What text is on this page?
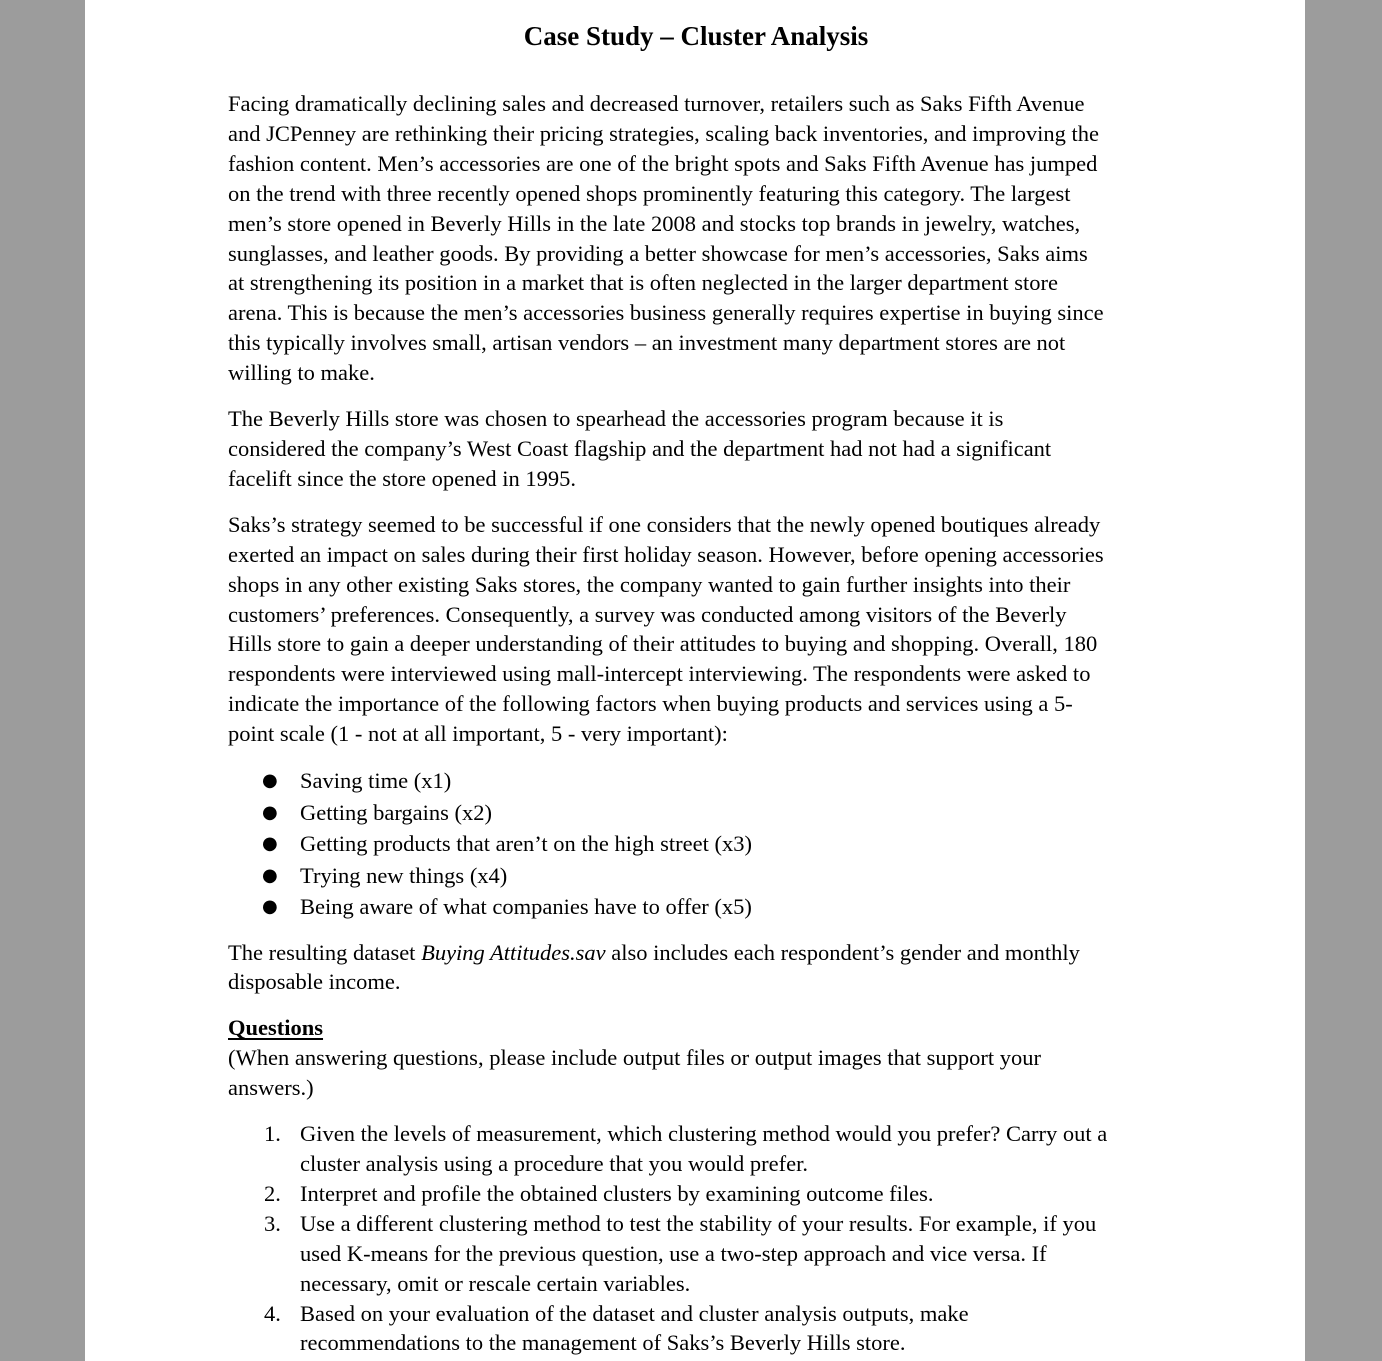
Case Study – Cluster Analysis
Facing dramatically declining sales and decreased turnover, retailers such as Saks Fifth Avenue
and JCPenney are rethinking their pricing strategies, scaling back inventories, and improving the
fashion content. Men’s accessories are one of the bright spots and Saks Fifth Avenue has jumped
on the trend with three recently opened shops prominently featuring this category. The largest
men’s store opened in Beverly Hills in the late 2008 and stocks top brands in jewelry, watches,
sunglasses, and leather goods. By providing a better showcase for men’s accessories, Saks aims
at strengthening its position in a market that is often neglected in the larger department store
arena. This is because the men’s accessories business generally requires expertise in buying since
this typically involves small, artisan vendors – an investment many department stores are not
willing to make.
The Beverly Hills store was chosen to spearhead the accessories program because it is
considered the company’s West Coast flagship and the department had not had a significant
facelift since the store opened in 1995.
Saks’s strategy seemed to be successful if one considers that the newly opened boutiques already
exerted an impact on sales during their first holiday season. However, before opening accessories
shops in any other existing Saks stores, the company wanted to gain further insights into their
customers’ preferences. Consequently, a survey was conducted among visitors of the Beverly
Hills store to gain a deeper understanding of their attitudes to buying and shopping. Overall, 180
respondents were interviewed using mall-intercept interviewing. The respondents were asked to
indicate the importance of the following factors when buying products and services using a 5-
point scale (1 - not at all important, 5 - very important):
● Saving time (x1)
● Getting bargains (x2)
● Getting products that aren’t on the high street (x3)
● Trying new things (x4)
● Being aware of what companies have to offer (x5)
The resulting dataset Buying Attitudes.sav also includes each respondent’s gender and monthly
disposable income.
Questions
(When answering questions, please include output files or output images that support your
answers.)
1. Given the levels of measurement, which clustering method would you prefer? Carry out a
cluster analysis using a procedure that you would prefer.
2. Interpret and profile the obtained clusters by examining outcome files.
3. Use a different clustering method to test the stability of your results. For example, if you
used K-means for the previous question, use a two-step approach and vice versa. If
necessary, omit or rescale certain variables.
4. Based on your evaluation of the dataset and cluster analysis outputs, make
recommendations to the management of Saks’s Beverly Hills store.
